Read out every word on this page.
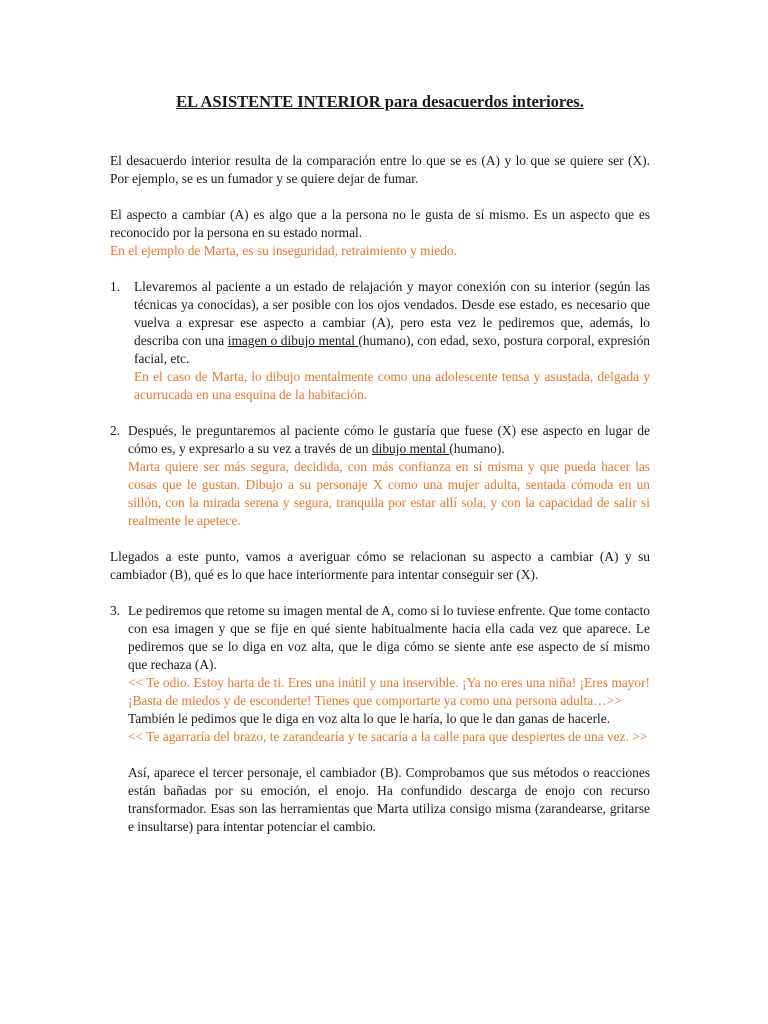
EL ASISTENTE INTERIOR para desacuerdos interiores.

El desacuerdo interior resulta de la comparación entre lo que se es (A) y lo que se quiere ser (X). Por ejemplo, se es un fumador y se quiere dejar de fumar.

El aspecto a cambiar (A) es algo que a la persona no le gusta de sí mismo. Es un aspecto que es reconocido por la persona en su estado normal.

En el ejemplo de Marta, es su inseguridad, retraimiento y miedo.

1.	Llevaremos al paciente a un estado de relajación y mayor conexión con su interior (según las técnicas ya conocidas), a ser posible con los ojos vendados. Desde ese estado, es necesario que vuelva a expresar ese aspecto a cambiar (A), pero esta vez le pediremos que, además, lo describa con una imagen o dibujo mental (humano), con edad, sexo, postura corporal, expresión facial, etc.

En el caso de Marta, lo dibujo mentalmente como una adolescente tensa y asustada, delgada y acurrucada en una esquina de la habitación.

2. Después, le preguntaremos al paciente cómo le gustaría que fuese (X) ese aspecto en lugar de cómo es, y expresarlo a su vez a través de un dibujo mental (humano).

Marta quiere ser más segura, decidida, con más confianza en sí misma y que pueda hacer las cosas que le gustan. Dibujo a su personaje X como una mujer adulta, sentada cómoda en un sillón, con la mirada serena y segura, tranquila por estar allí sola, y con la capacidad de salir si realmente le apetece.

Llegados a este punto, vamos a averiguar cómo se relacionan su aspecto a cambiar (A) y su cambiador (B), qué es lo que hace interiormente para intentar conseguir ser (X).

3. Le pediremos que retome su imagen mental de A, como si lo tuviese enfrente. Que tome contacto con esa imagen y que se fije en qué siente habitualmente hacia ella cada vez que aparece. Le pediremos que se lo diga en voz alta, que le diga cómo se siente ante ese aspecto de sí mismo que rechaza (A).

<< Te odio. Estoy harta de ti. Eres una inútil y una inservible. ¡Ya no eres una niña! ¡Eres mayor! ¡Basta de miedos y de esconderte! Tienes que comportarte ya como una persona adulta…>>

También le pedimos que le diga en voz alta lo que le haría, lo que le dan ganas de hacerle.

<< Te agarraría del brazo, te zarandearía y te sacaría a la calle para que despiertes de una vez. >>

Así, aparece el tercer personaje, el cambiador (B). Comprobamos que sus métodos o reacciones están bañadas por su emoción, el enojo. Ha confundido descarga de enojo con recurso transformador. Esas son las herramientas que Marta utiliza consigo misma (zarandearse, gritarse e insultarse) para intentar potenciar el cambio.
